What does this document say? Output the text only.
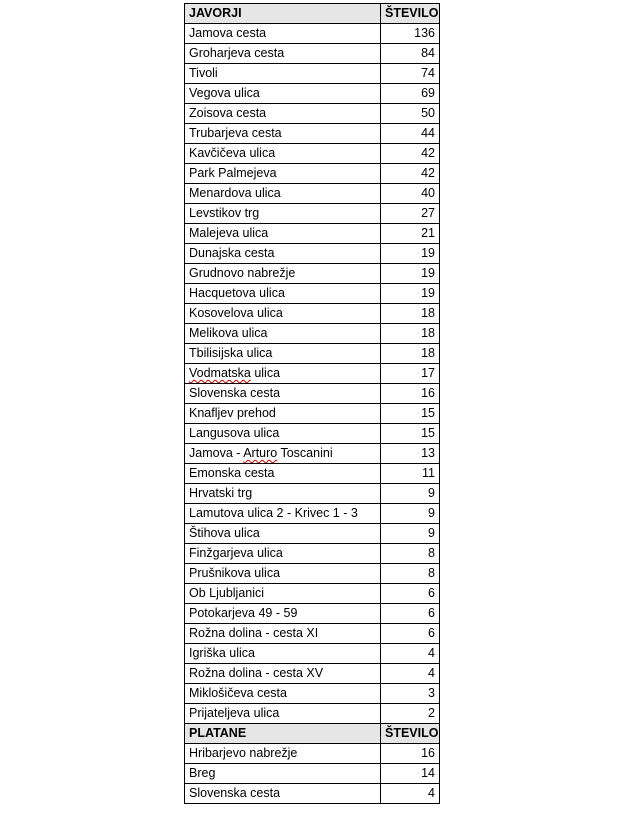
JAVORJI	ŠTEVILO
Jamova cesta	136
Groharjeva cesta	84
Tivoli	74
Vegova ulica	69
Zoisova cesta	50
Trubarjeva cesta	44
Kavčičeva ulica	42
Park Palmejeva	42
Menardova ulica	40
Levstikov trg	27
Malejeva ulica	21
Dunajska cesta	19
Grudnovo nabrežje	19
Hacquetova ulica	19
Kosovelova ulica	18
Melikova ulica	18
Tbilisijska ulica	18
Vodmatska ulica	17
Slovenska cesta	16
Knafljev prehod	15
Langusova ulica	15
Jamova - Arturo Toscanini	13
Emonska cesta	11
Hrvatski trg	9
Lamutova ulica 2 - Krivec 1 - 3	9
Štihova ulica	9
Finžgarjeva ulica	8
Prušnikova ulica	8
Ob Ljubljanici	6
Potokarjeva 49 - 59	6
Rožna dolina - cesta XI	6
Igriška ulica	4
Rožna dolina - cesta XV	4
Miklošičeva cesta	3
Prijateljeva ulica	2
PLATANE	ŠTEVILO
Hribarjevo nabrežje	16
Breg	14
Slovenska cesta	4
